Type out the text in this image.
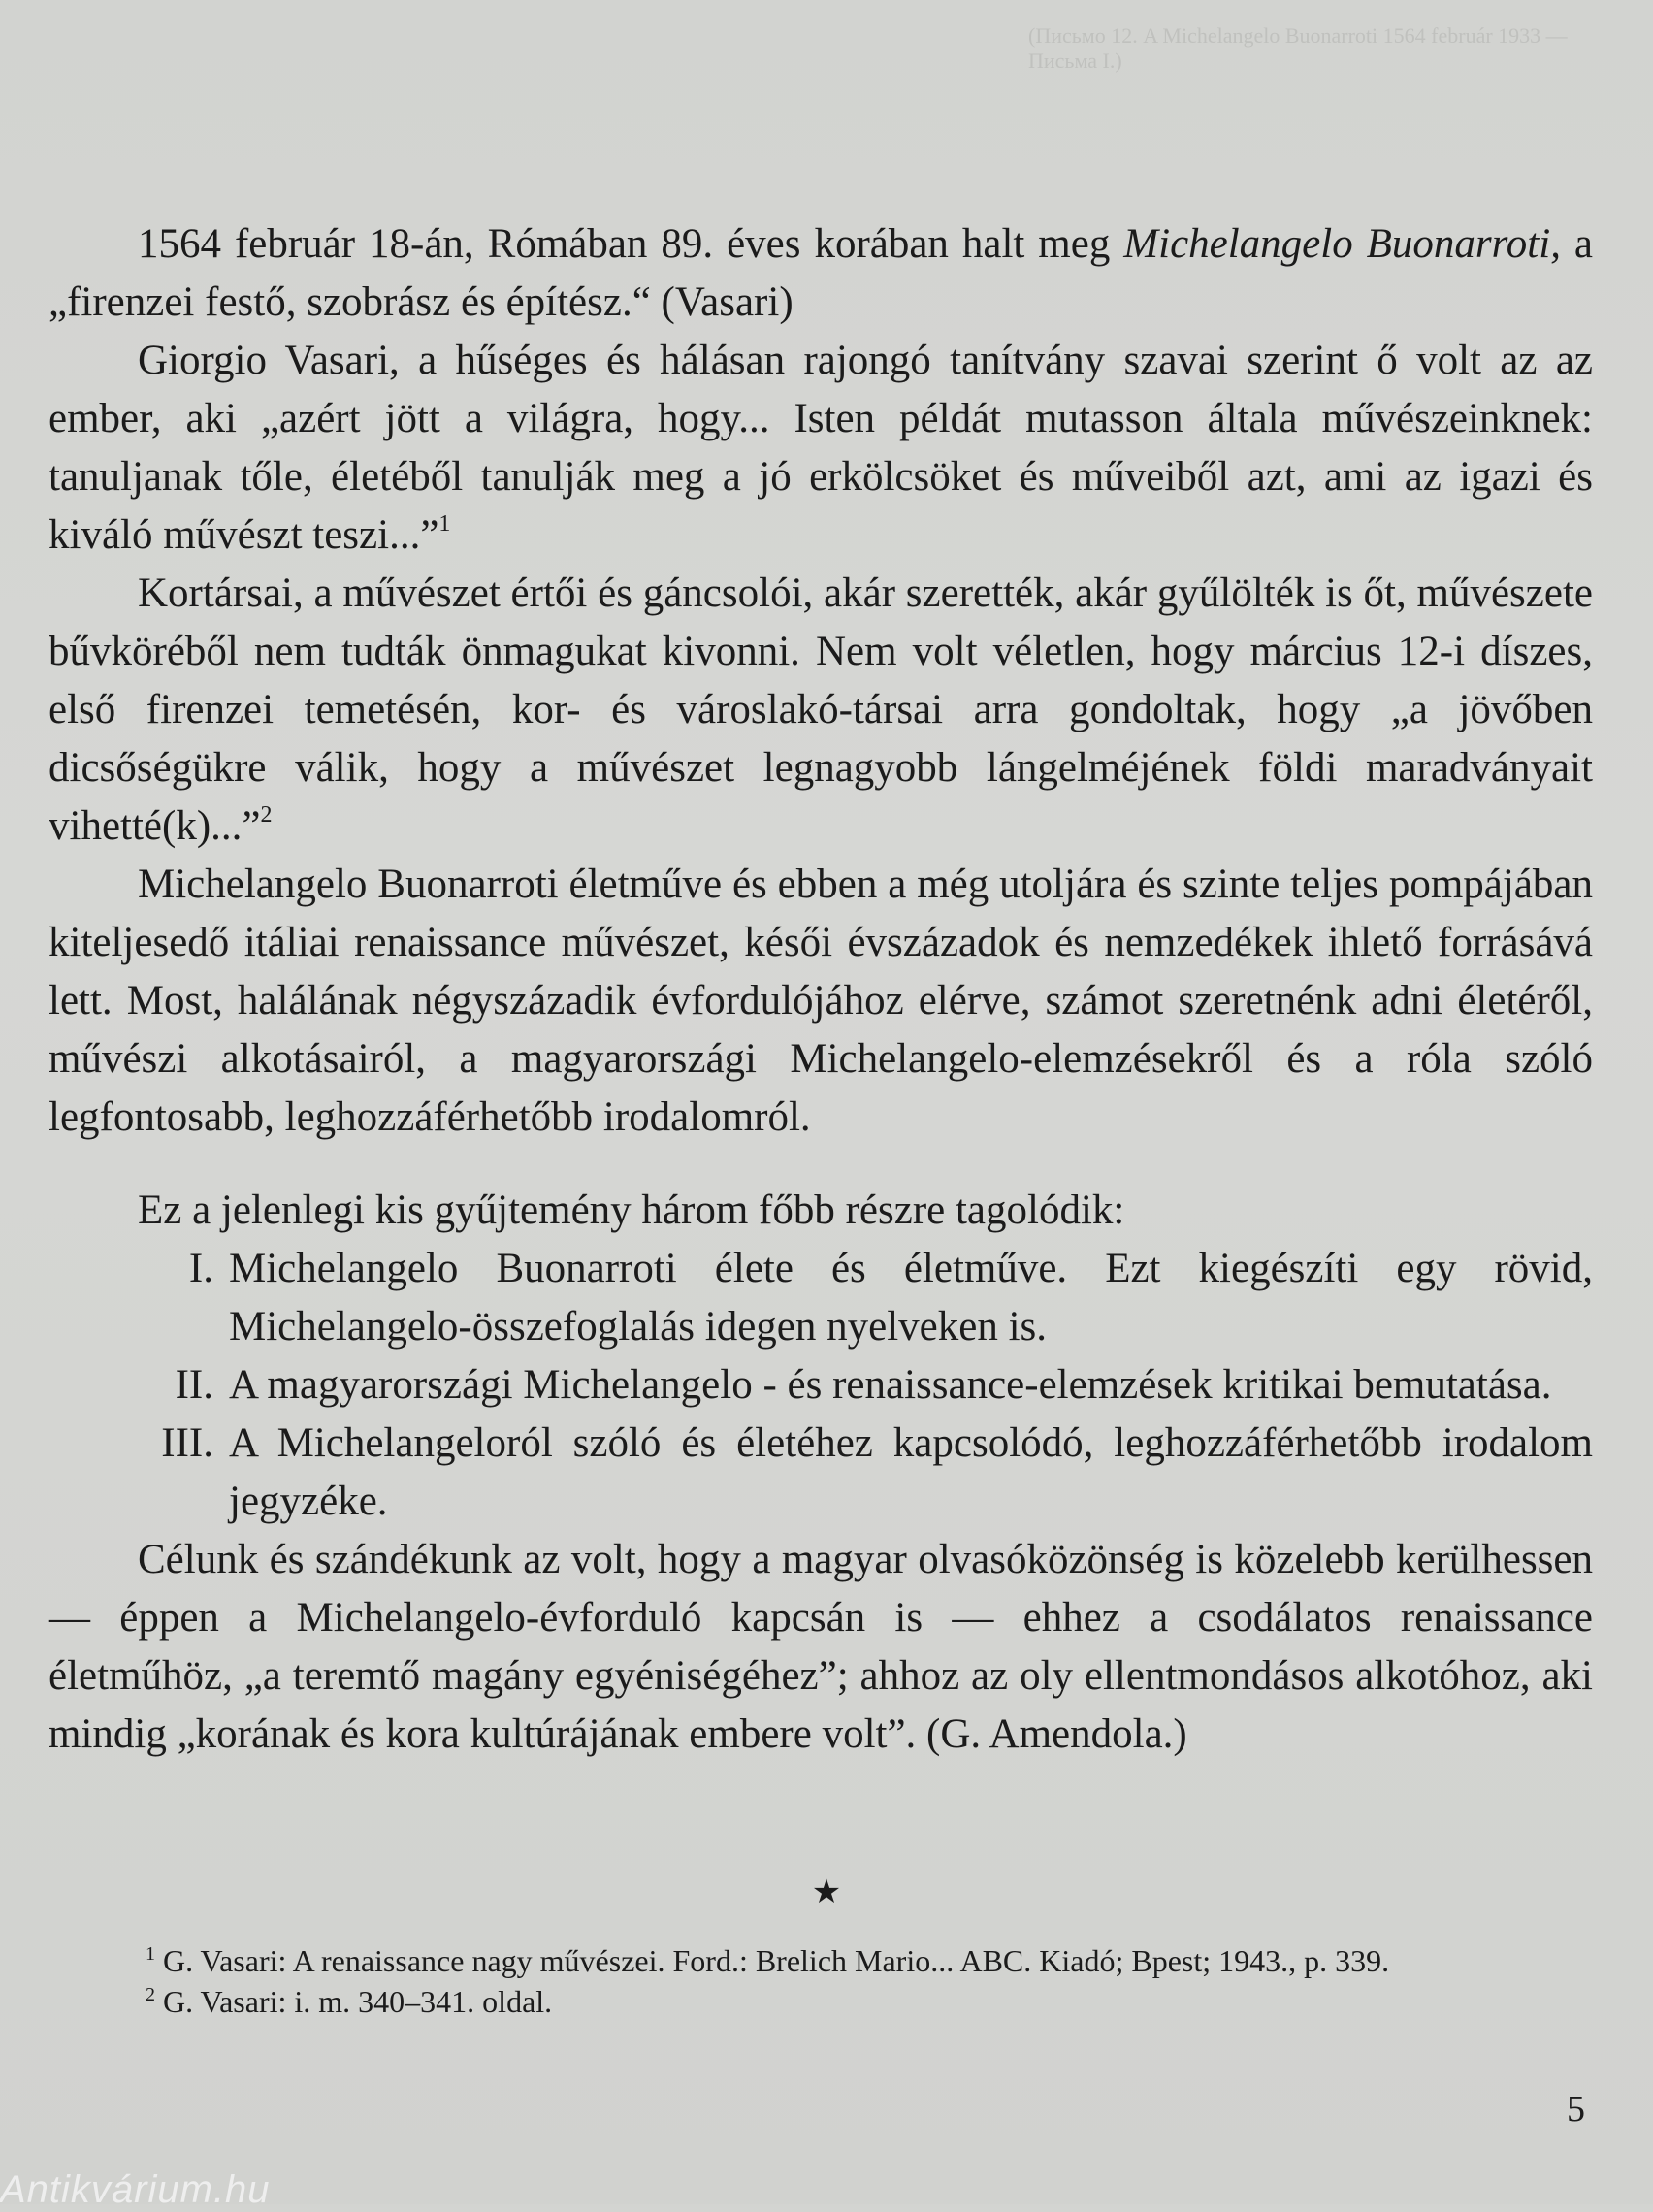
(Письмо 12. A Michelangelo Buonarroti 1564 február 1933 — Письма I.)

1564 február 18-án, Rómában 89. éves korában halt meg Michelangelo Buonarroti, a „firenzei festő, szobrász és építész.“ (Vasari)

Giorgio Vasari, a hűséges és hálásan rajongó tanítvány szavai szerint ő volt az az ember, aki „azért jött a világra, hogy... Isten példát mutasson általa művészeinknek: tanuljanak tőle, életéből tanulják meg a jó erkölcsöket és műveiből azt, ami az igazi és kiváló művészt teszi...”$^1$

Kortársai, a művészet értői és gáncsolói, akár szerették, akár gyűlölték is őt, művészete bűvköréből nem tudták önmagukat kivonni. Nem volt véletlen, hogy március 12-i díszes, első firenzei temetésén, kor- és városlakó-társai arra gondoltak, hogy „a jövőben dicsőségükre válik, hogy a művészet legnagyobb lángelméjének földi maradványait vihetté(k)...”$^2$

Michelangelo Buonarroti életműve és ebben a még utoljára és szinte teljes pompájában kiteljesedő itáliai renaissance művészet, késői évszázadok és nemzedékek ihlető forrásává lett. Most, halálának négyszázadik évfordulójához elérve, számot szeretnénk adni életéről, művészi alkotásairól, a magyarországi Michelangelo-elemzésekről és a róla szóló legfontosabb, leghozzáférhetőbb irodalomról.

Ez a jelenlegi kis gyűjtemény három főbb részre tagolódik:

I. Michelangelo Buonarroti élete és életműve. Ezt kiegészíti egy rövid, Michelangelo-összefoglalás idegen nyelveken is.
II. A magyarországi Michelangelo - és renaissance-elemzések kritikai bemutatása.
III. A Michelangeloról szóló és életéhez kapcsolódó, leghozzáférhetőbb irodalom jegyzéke.

Célunk és szándékunk az volt, hogy a magyar olvasóközönség is közelebb kerülhessen — éppen a Michelangelo-évforduló kapcsán is — ehhez a csodálatos renaissance életműhöz, „a teremtő magány egyéniségéhez”; ahhoz az oly ellentmondásos alkotóhoz, aki mindig „korának és kora kultúrájának embere volt”. (G. Amendola.)

★

$^1$ G. Vasari: A renaissance nagy művészei. Ford.: Brelich Mario... ABC. Kiadó; Bpest; 1943., p. 339.

$^2$ G. Vasari: i. m. 340–341. oldal.

5
Antikvárium.hu
